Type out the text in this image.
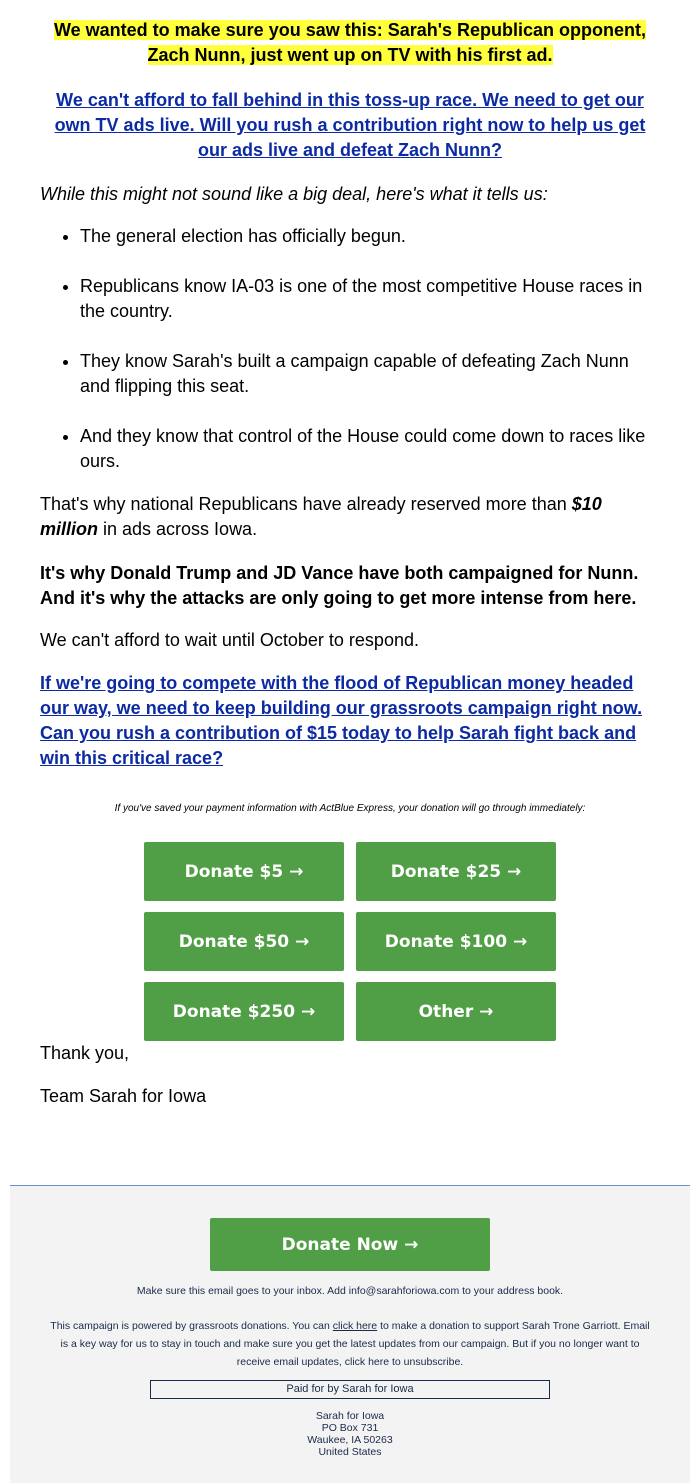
We wanted to make sure you saw this: Sarah's Republican opponent, Zach Nunn, just went up on TV with his first ad.

We can't afford to fall behind in this toss-up race. We need to get our own TV ads live. Will you rush a contribution right now to help us get our ads live and defeat Zach Nunn?

While this might not sound like a big deal, here's what it tells us:

• The general election has officially begun.
• Republicans know IA-03 is one of the most competitive House races in the country.
• They know Sarah's built a campaign capable of defeating Zach Nunn and flipping this seat.
• And they know that control of the House could come down to races like ours.

That's why national Republicans have already reserved more than $10 million in ads across Iowa.

It's why Donald Trump and JD Vance have both campaigned for Nunn. And it's why the attacks are only going to get more intense from here.

We can't afford to wait until October to respond.

If we're going to compete with the flood of Republican money headed our way, we need to keep building our grassroots campaign right now. Can you rush a contribution of $15 today to help Sarah fight back and win this critical race?

If you've saved your payment information with ActBlue Express, your donation will go through immediately:

Donate $5 →	Donate $25 →
Donate $50 →	Donate $100 →
Donate $250 →	Other →

Thank you,

Team Sarah for Iowa

Donate Now →

Make sure this email goes to your inbox. Add info@sarahforiowa.com to your address book.

This campaign is powered by grassroots donations. You can click here to make a donation to support Sarah Trone Garriott. Email is a key way for us to stay in touch and make sure you get the latest updates from our campaign. But if you no longer want to receive email updates, click here to unsubscribe.

Paid for by Sarah for Iowa
Sarah for Iowa
PO Box 731
Waukee, IA 50263
United States
